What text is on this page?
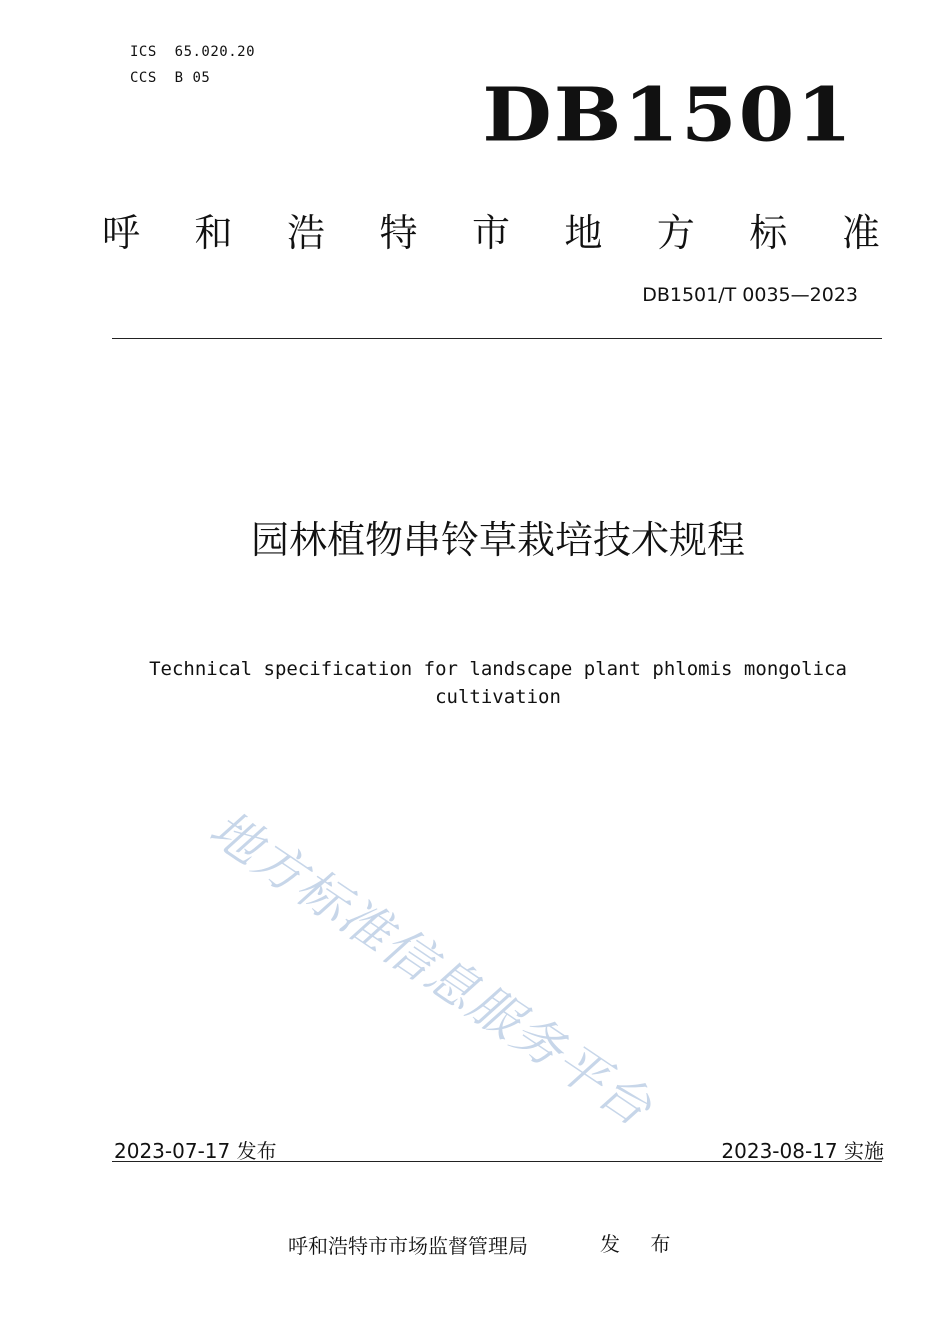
ICS  65.020.20
CCS  B 05	DB1501
呼 和 浩 特 市 地 方 标 准
DB1501/T 0035—2023
园林植物串铃草栽培技术规程
Technical specification for landscape plant phlomis mongolica
cultivation
地方标准信息服务平台
2023-07-17 发布	2023-08-17 实施
呼和浩特市市场监督管理局	发 布
